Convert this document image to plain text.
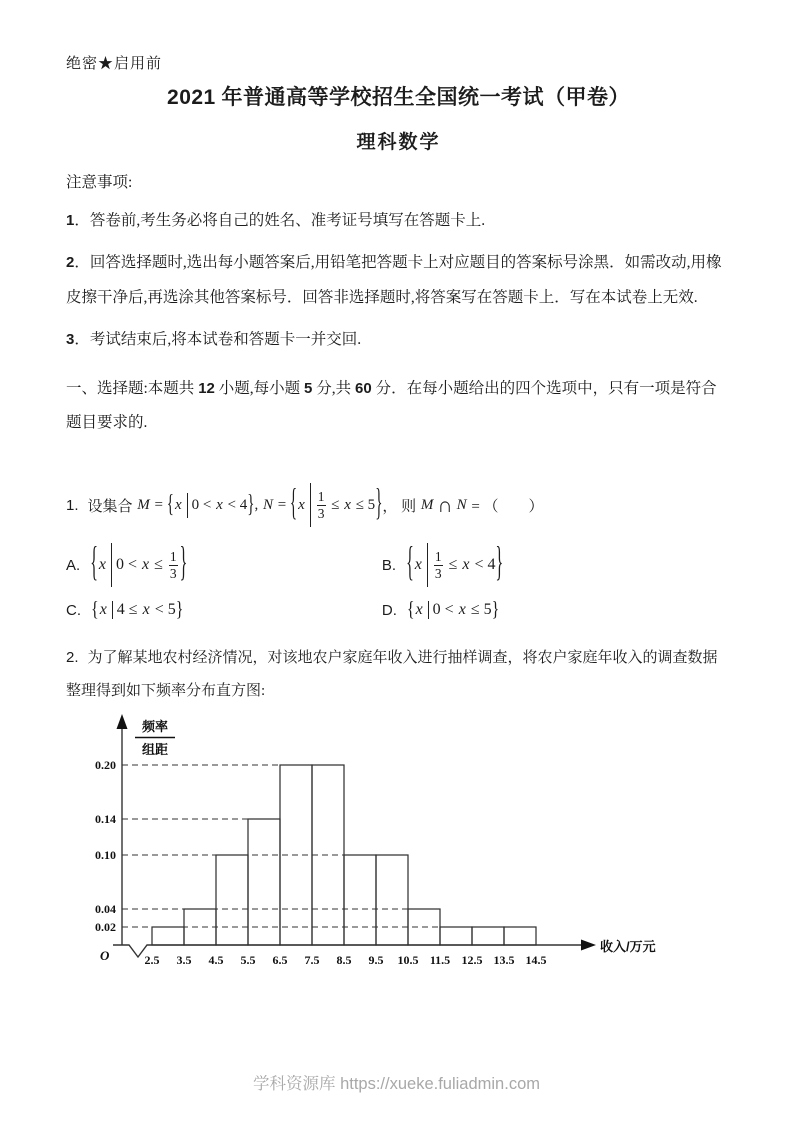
绝密★启用前
2021 年普通高等学校招生全国统一考试（甲卷）
理科数学
注意事项:
1．答卷前,考生务必将自己的姓名、准考证号填写在答题卡上.
2．回答选择题时,选出每小题答案后,用铅笔把答题卡上对应题目的答案标号涂黑．如需改动,用橡皮擦干净后,再选涂其他答案标号．回答非选择题时,将答案写在答题卡上．写在本试卷上无效.
3．考试结束后,将本试卷和答题卡一并交回.
一、选择题:本题共 12 小题,每小题 5 分,共 60 分．在每小题给出的四个选项中，只有一项是符合题目要求的.
1. 设集合 M = { x 0 < x < 4 } , N = { x $\frac{1}{3} \le x \le 5$ } ， 则 M ∩ N = （　　）
A. { x $0 < x \le \frac{1}{3}$ }	B. { x $\frac{1}{3} \le x < 4$ }
C. { x 4 ≤ x < 5 }	D. { x 0 < x ≤ 5 }
2. 为了解某地农村经济情况，对该地农户家庭年收入进行抽样调查，将农户家庭年收入的调查数据整理得到如下频率分布直方图:
0.02
0.04
0.10
0.14
0.20
2.5 3.5 4.5 5.5 6.5 7.5 8.5 9.5 10.5 11.5 12.5 13.5 14.5
O
频率
组距
收入/万元
学科资源库 https://xueke.fuliadmin.com
